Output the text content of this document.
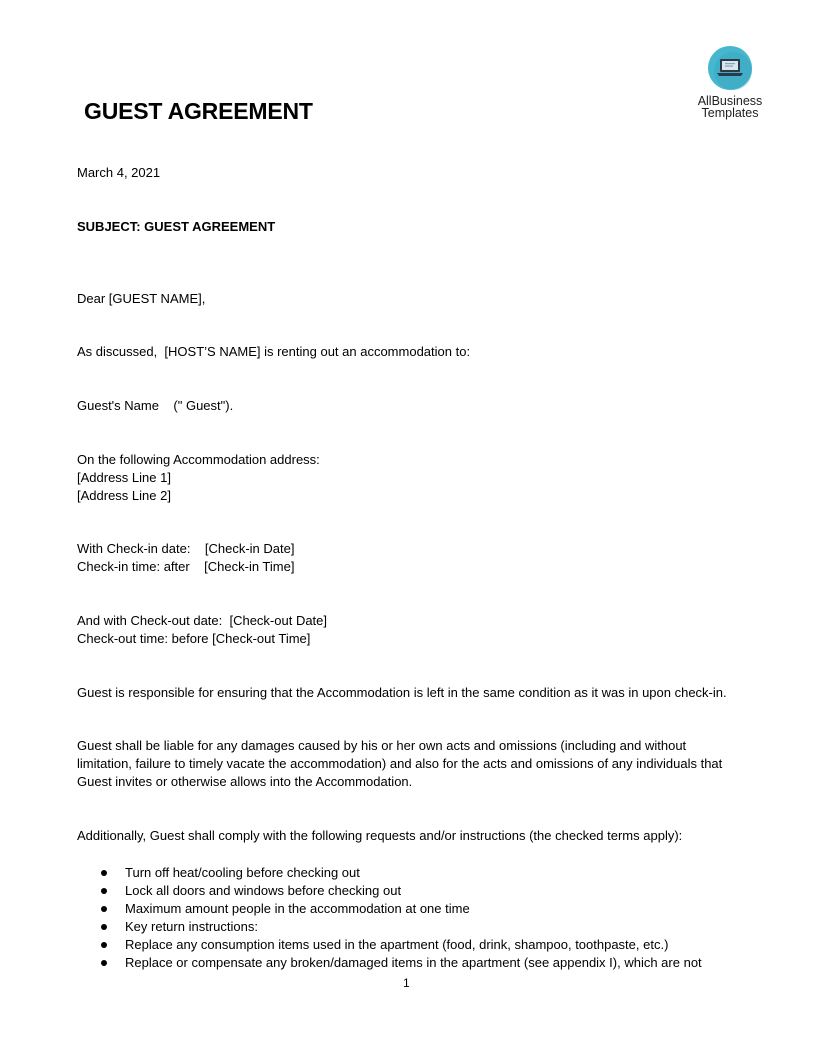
AllBusiness
Templates
GUEST AGREEMENT
March 4, 2021
SUBJECT: GUEST AGREEMENT
Dear [GUEST NAME],
As discussed,  [HOST’S NAME] is renting out an accommodation to:
Guest's Name    (" Guest").
On the following Accommodation address:
[Address Line 1]
[Address Line 2]
With Check-in date:    [Check-in Date]
Check-in time: after    [Check-in Time]
And with Check-out date:  [Check-out Date]
Check-out time: before [Check-out Time]
Guest is responsible for ensuring that the Accommodation is left in the same condition as it was in upon check-in.
Guest shall be liable for any damages caused by his or her own acts and omissions (including and without limitation, failure to timely vacate the accommodation) and also for the acts and omissions of any individuals that Guest invites or otherwise allows into the Accommodation.
Additionally, Guest shall comply with the following requests and/or instructions (the checked terms apply):
Turn off heat/cooling before checking out
Lock all doors and windows before checking out
Maximum amount people in the accommodation at one time
Key return instructions:
Replace any consumption items used in the apartment (food, drink, shampoo, toothpaste, etc.)
Replace or compensate any broken/damaged items in the apartment (see appendix I), which are not
1
